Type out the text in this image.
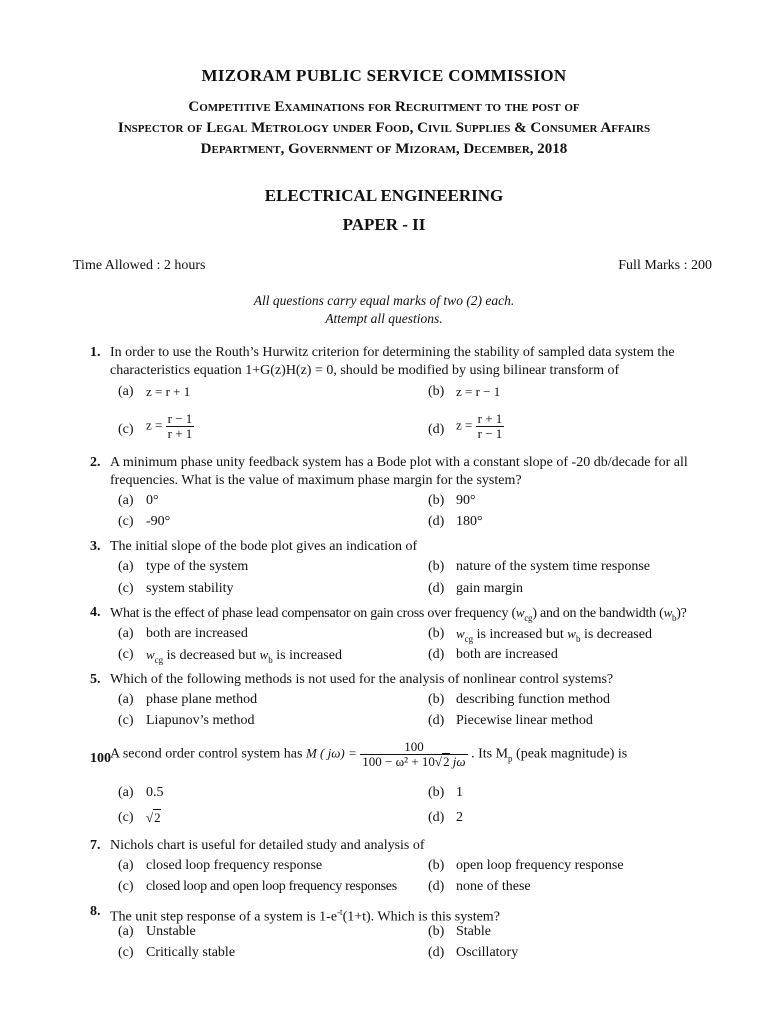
MIZORAM PUBLIC SERVICE COMMISSION
Competitive Examinations for Recruitment to the post of
Inspector of Legal Metrology under Food, Civil Supplies & Consumer Affairs
Department, Government of Mizoram, December, 2018
ELECTRICAL ENGINEERING
PAPER - II
Time Allowed : 2 hours	Full Marks : 200
All questions carry equal marks of two (2) each.
Attempt all questions.
1. In order to use the Routh’s Hurwitz criterion for determining the stability of sampled data system the characteristics equation 1+G(z)H(z) = 0, should be modified by using bilinear transform of
(a) z = r + 1	(b) z = r − 1
(c) $z = \frac{r - 1}{r + 1}$	(d) $z = \frac{r + 1}{r - 1}$
2. A minimum phase unity feedback system has a Bode plot with a constant slope of -20 db/decade for all frequencies. What is the value of maximum phase margin for the system?
(a) 0°	(b) 90°
(c) -90°	(d) 180°
3. The initial slope of the bode plot gives an indication of
(a) type of the system	(b) nature of the system time response
(c) system stability	(d) gain margin
4. What is the effect of phase lead compensator on gain cross over frequency $(w_{cg})$ and on the bandwidth $(w_b)$?
(a) both are increased	(b) $w_{cg}$ is increased but $w_b$ is decreased
(c) $w_{cg}$ is decreased but $w_b$ is increased	(d) both are increased
5. Which of the following methods is not used for the analysis of nonlinear control systems?
(a) phase plane method	(b) describing function method
(c) Liapunov’s method	(d) Piecewise linear method
100 A second order control system has M ( $j\omega) = \frac{100}{\text{100 − ω² + 10√2 jω}}$ . Its $M_p$ (peak magnitude) is
(a) 0.5	(b) 1
(c) √2	(d) 2
7. Nichols chart is useful for detailed study and analysis of
(a) closed loop frequency response	(b) open loop frequency response
(c) closed loop and open loop frequency responses (d) none of these
8. The unit step response of a system is $1-e^{-t}(1+t)$. Which is this system?
(a) Unstable	(b) Stable
(c) Critically stable	(d) Oscillatory
